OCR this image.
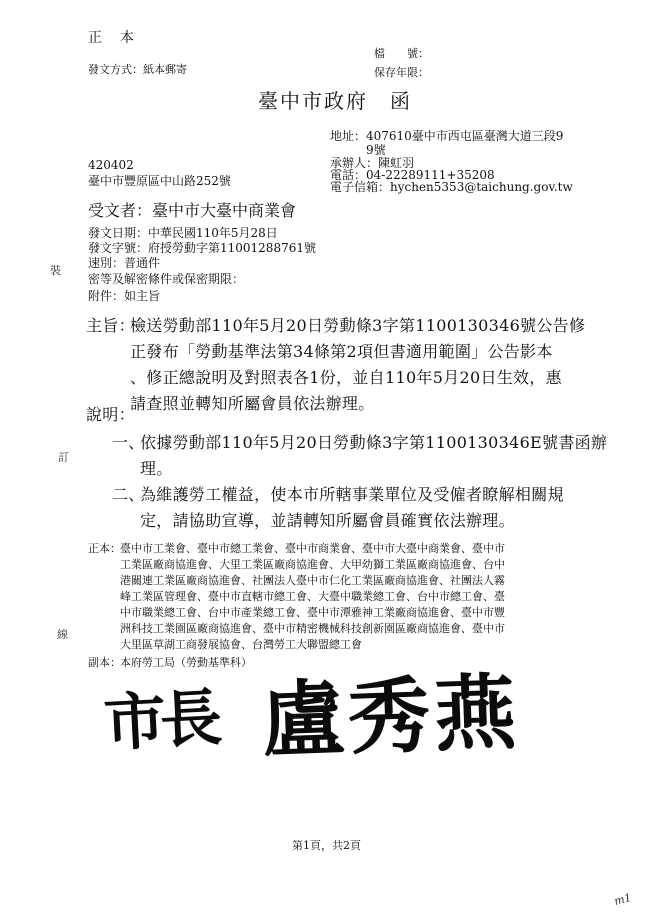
正　本
發文方式：紙本郵寄
檔　　號：
保存年限：
臺中市政府　函
地址：407610臺中市西屯區臺灣大道三段9
9號
承辦人：陳虹羽
電話：04-22289111+35208
電子信箱：hychen5353@taichung.gov.tw
420402
臺中市豐原區中山路252號
受文者：臺中市大臺中商業會
發文日期：中華民國110年5月28日
發文字號：府授勞動字第11001288761號
速別：普通件
密等及解密條件或保密期限：
附件：如主旨
主旨：
檢送勞動部110年5月20日勞動條3字第1100130346號公告修
正發布「勞動基準法第34條第2項但書適用範圍」公告影本
、修正總說明及對照表各1份，並自110年5月20日生效，惠
請查照並轉知所屬會員依法辦理。
說明：
一、
依據勞動部110年5月20日勞動條3字第1100130346E號書函辦
理。
二、
為維護勞工權益，使本市所轄事業單位及受僱者瞭解相關規
定，請協助宣導，並請轉知所屬會員確實依法辦理。
正本： 臺中市工業會、臺中市總工業會、臺中市商業會、臺中市大臺中商業會、臺中市
工業區廠商協進會、大里工業區廠商協進會、大甲幼獅工業區廠商協進會、台中
港關連工業區廠商協進會、社團法人臺中市仁化工業區廠商協進會、社團法人霧
峰工業區管理會、臺中市直轄市總工會、大臺中職業總工會、台中市總工會、臺
中市職業總工會、台中市產業總工會、臺中市潭雅神工業廠商協進會、臺中市豐
洲科技工業園區廠商協進會、臺中市精密機械科技創新園區廠商協進會、臺中市
大里區草湖工商發展協會、台灣勞工大聯盟總工會
副本： 本府勞工局（勞動基準科）
市長 盧秀燕
裝
訂
線
第1頁，共2頁
m1
